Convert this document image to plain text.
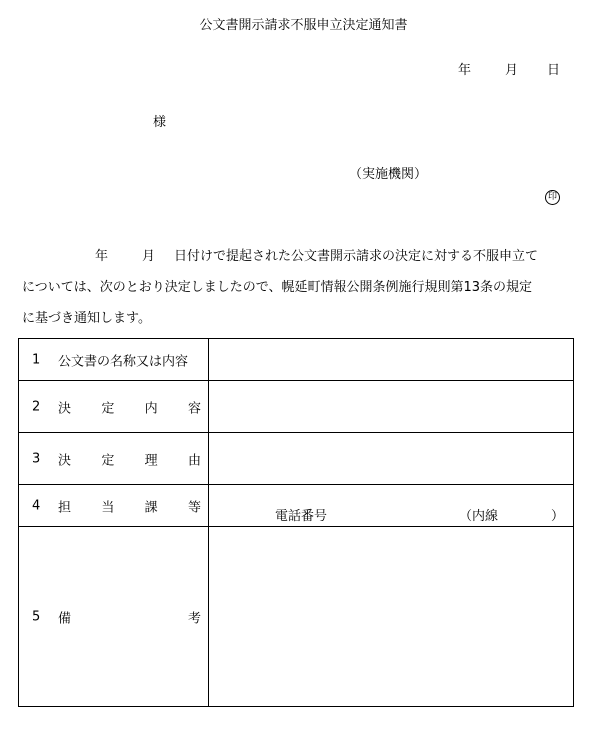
公文書開示請求不服申立決定通知書
年	月 日
様
（実施機関）
印
年	月 日付けで提起された公文書開示請求の決定に対する不服申立て
については、次のとおり決定しましたので、幌延町情報公開条例施行規則第13条の規定
に基づき通知します。
1 公文書の名称又は内容	

2 決 定 内 容	

3 決 定 理 由	

4 担 当 課 等	電話番号 （内線 ）

5 備 考	
